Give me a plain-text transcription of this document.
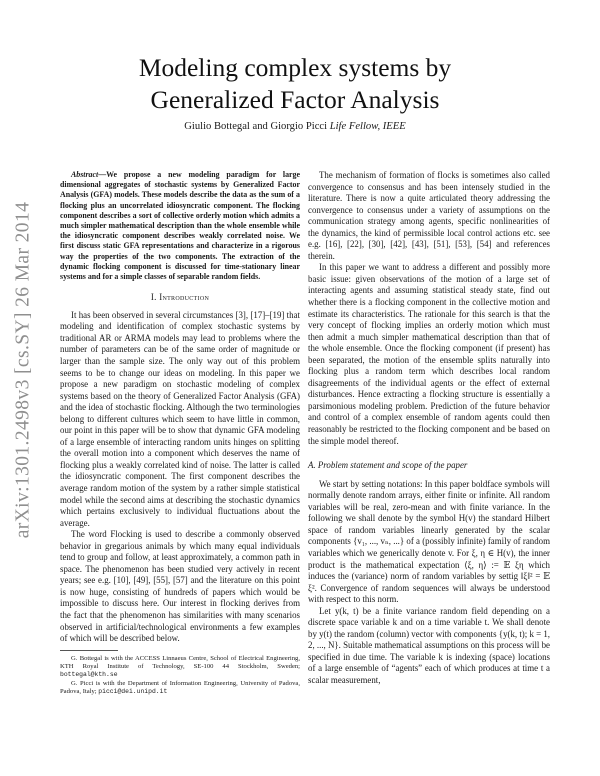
arXiv:1301.2498v3 [cs.SY] 26 Mar 2014
Modeling complex systems by
Generalized Factor Analysis
Giulio Bottegal and Giorgio Picci Life Fellow, IEEE

Abstract—We propose a new modeling paradigm for large dimensional aggregates of stochastic systems by Generalized Factor Analysis (GFA) models. These models describe the data as the sum of a flocking plus an uncorrelated idiosyncratic component. The flocking component describes a sort of collective orderly motion which admits a much simpler mathematical description than the whole ensemble while the idiosyncratic component describes weakly correlated noise. We first discuss static GFA representations and characterize in a rigorous way the properties of the two components. The extraction of the dynamic flocking component is discussed for time-stationary linear systems and for a simple classes of separable random fields.

I. Introduction

It has been observed in several circumstances [3], [17]–[19] that modeling and identification of complex stochastic systems by traditional AR or ARMA models may lead to problems where the number of parameters can be of the same order of magnitude or larger than the sample size. The only way out of this problem seems to be to change our ideas on modeling. In this paper we propose a new paradigm on stochastic modeling of complex systems based on the theory of Generalized Factor Analysis (GFA) and the idea of stochastic flocking. Although the two terminologies belong to different cultures which seem to have little in common, our point in this paper will be to show that dynamic GFA modeling of a large ensemble of interacting random units hinges on splitting the overall motion into a component which deserves the name of flocking plus a weakly correlated kind of noise. The latter is called the idiosyncratic component. The first component describes the average random motion of the system by a rather simple statistical model while the second aims at describing the stochastic dynamics which pertains exclusively to individual fluctuations about the average.

The word Flocking is used to describe a commonly observed behavior in gregarious animals by which many equal individuals tend to group and follow, at least approximately, a common path in space. The phenomenon has been studied very actively in recent years; see e.g. [10], [49], [55], [57] and the literature on this point is now huge, consisting of hundreds of papers which would be impossible to discuss here. Our interest in flocking derives from the fact that the phenomenon has similarities with many scenarios observed in artificial/technological environments a few examples of which will be described below.

G. Bottegal is with the ACCESS Linnaeus Centre, School of Electrical Engineering, KTH Royal Institute of Technology, SE-100 44 Stockholm, Sweden; bottegal@kth.se

G. Picci is with the Department of Information Engineering, University of Padova, Padova, Italy; picci@dei.unipd.it

The mechanism of formation of flocks is sometimes also called convergence to consensus and has been intensely studied in the literature. There is now a quite articulated theory addressing the convergence to consensus under a variety of assumptions on the communication strategy among agents, specific nonlinearities of the dynamics, the kind of permissible local control actions etc. see e.g. [16], [22], [30], [42], [43], [51], [53], [54] and references therein.

In this paper we want to address a different and possibly more basic issue: given observations of the motion of a large set of interacting agents and assuming statistical steady state, find out whether there is a flocking component in the collective motion and estimate its characteristics. The rationale for this search is that the very concept of flocking implies an orderly motion which must then admit a much simpler mathematical description than that of the whole ensemble. Once the flocking component (if present) has been separated, the motion of the ensemble splits naturally into flocking plus a random term which describes local random disagreements of the individual agents or the effect of external disturbances. Hence extracting a flocking structure is essentially a parsimonious modeling problem. Prediction of the future behavior and control of a complex ensemble of random agents could then reasonably be restricted to the flocking component and be based on the simple model thereof.

A. Problem statement and scope of the paper

We start by setting notations: In this paper boldface symbols will normally denote random arrays, either finite or infinite. All random variables will be real, zero-mean and with finite variance. In the following we shall denote by the symbol H(v) the standard Hilbert space of random variables linearly generated by the scalar components {v₁, ..., vₙ, ...} of a (possibly infinite) family of random variables which we generically denote v. For ξ, η ∈ H(v), the inner product is the mathematical expectation ⟨ξ, η⟩ := 𝔼 ξη which induces the (variance) norm of random variables by settig ‖ξ‖² = 𝔼 ξ². Convergence of random sequences will always be understood with respect to this norm.

Let y(k, t) be a finite variance random field depending on a discrete space variable k and on a time variable t. We shall denote by y(t) the random (column) vector with components {y(k, t); k = 1, 2, ..., N}. Suitable mathematical assumptions on this process will be specified in due time. The variable k is indexing (space) locations of a large ensemble of “agents” each of which produces at time t a scalar measurement,
